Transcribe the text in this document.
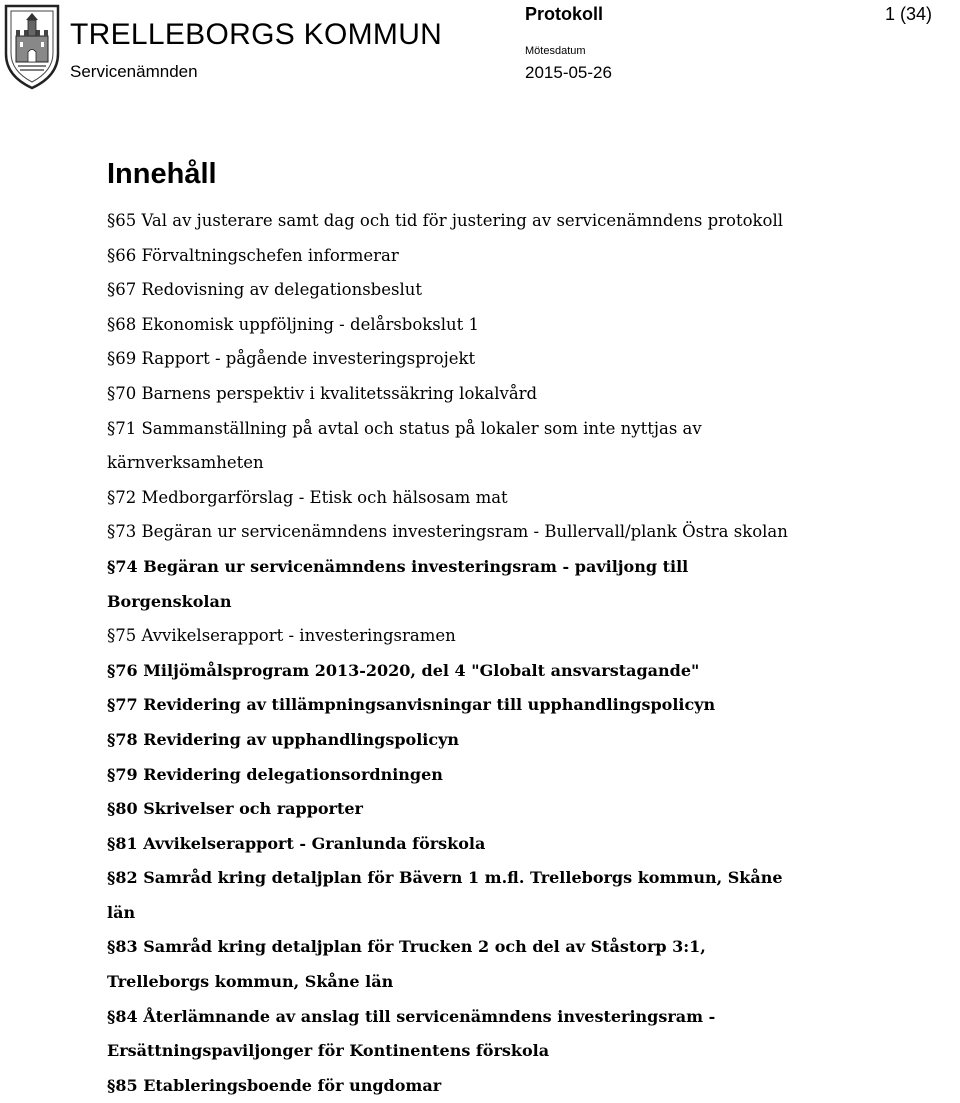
TRELLEBORGS KOMMUN
Servicenämnden
Protokoll	1 (34)
Mötesdatum
2015-05-26
Innehåll
§65 Val av justerare samt dag och tid för justering av servicenämndens protokoll
§66 Förvaltningschefen informerar
§67 Redovisning av delegationsbeslut
§68 Ekonomisk uppföljning - delårsbokslut 1
§69 Rapport - pågående investeringsprojekt
§70 Barnens perspektiv i kvalitetssäkring lokalvård
§71 Sammanställning på avtal och status på lokaler som inte nyttjas av kärnverksamheten
§72 Medborgarförslag - Etisk och hälsosam mat
§73 Begäran ur servicenämndens investeringsram - Bullervall/plank Östra skolan
§74 Begäran ur servicenämndens investeringsram - paviljong till Borgenskolan
§75 Avvikelserapport - investeringsramen
§76 Miljömålsprogram 2013-2020, del 4 "Globalt ansvarstagande"
§77 Revidering av tillämpningsanvisningar till upphandlingspolicyn
§78 Revidering av upphandlingspolicyn
§79 Revidering delegationsordningen
§80 Skrivelser och rapporter
§81 Avvikelserapport - Granlunda förskola
§82 Samråd kring detaljplan för Bävern 1 m.fl. Trelleborgs kommun, Skåne län
§83 Samråd kring detaljplan för Trucken 2 och del av Ståstorp 3:1, Trelleborgs kommun, Skåne län
§84 Återlämnande av anslag till servicenämndens investeringsram - Ersättningspaviljonger för Kontinentens förskola
§85 Etableringsboende för ungdomar
